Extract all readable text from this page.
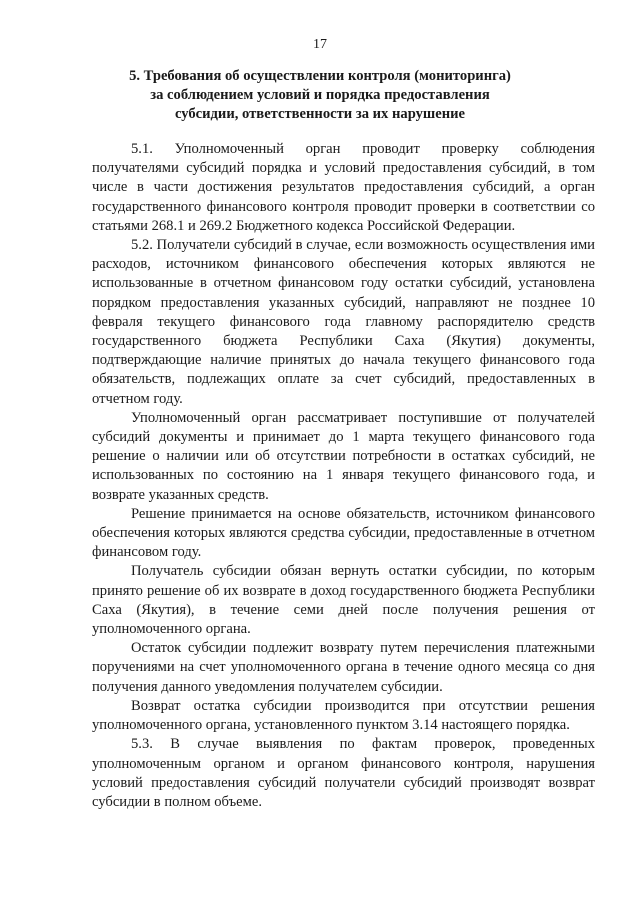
17
5. Требования об осуществлении контроля (мониторинга)
за соблюдением условий и порядка предоставления
субсидии, ответственности за их нарушение

5.1. Уполномоченный орган проводит проверку соблюдения получателями субсидий порядка и условий предоставления субсидий, в том числе в части достижения результатов предоставления субсидий, а орган государственного финансового контроля проводит проверки в соответствии со статьями 268.1 и 269.2 Бюджетного кодекса Российской Федерации.

5.2. Получатели субсидий в случае, если возможность осуществления ими расходов, источником финансового обеспечения которых являются не использованные в отчетном финансовом году остатки субсидий, установлена порядком предоставления указанных субсидий, направляют не позднее 10 февраля текущего финансового года главному распорядителю средств государственного бюджета Республики Саха (Якутия) документы, подтверждающие наличие принятых до начала текущего финансового года обязательств, подлежащих оплате за счет субсидий, предоставленных в отчетном году.

Уполномоченный орган рассматривает поступившие от получателей субсидий документы и принимает до 1 марта текущего финансового года решение о наличии или об отсутствии потребности в остатках субсидий, не использованных по состоянию на 1 января текущего финансового года, и возврате указанных средств.

Решение принимается на основе обязательств, источником финансового обеспечения которых являются средства субсидии, предоставленные в отчетном финансовом году.

Получатель субсидии обязан вернуть остатки субсидии, по которым принято решение об их возврате в доход государственного бюджета Республики Саха (Якутия), в течение семи дней после получения решения от уполномоченного органа.

Остаток субсидии подлежит возврату путем перечисления платежными поручениями на счет уполномоченного органа в течение одного месяца со дня получения данного уведомления получателем субсидии.

Возврат остатка субсидии производится при отсутствии решения уполномоченного органа, установленного пунктом 3.14 настоящего порядка.

5.3. В случае выявления по фактам проверок, проведенных уполномоченным органом и органом финансового контроля, нарушения условий предоставления субсидий получатели субсидий производят возврат субсидии в полном объеме.
